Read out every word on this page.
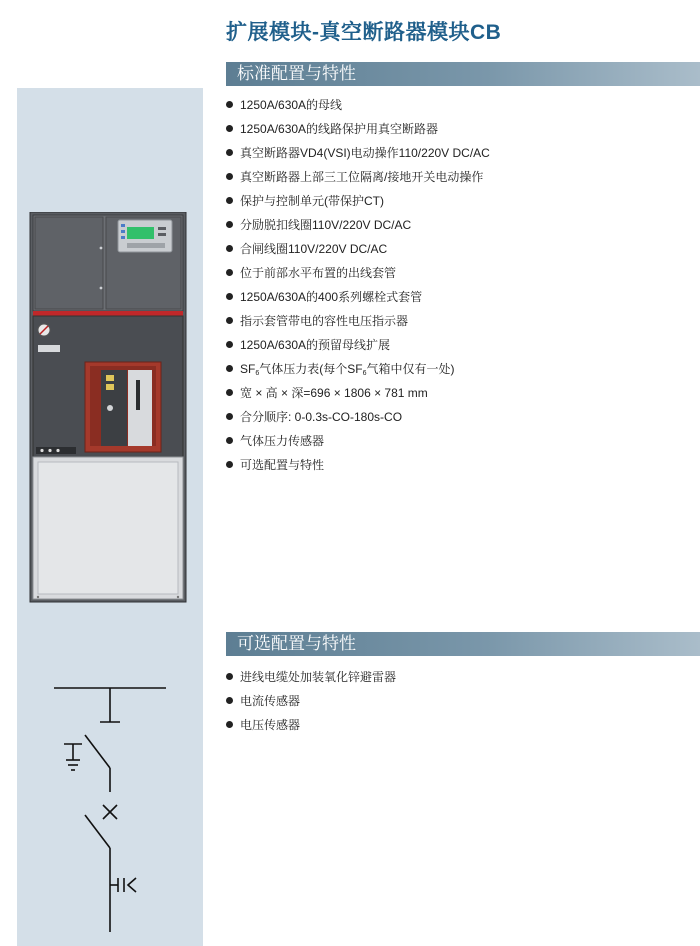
扩展模块-真空断路器模块CB
标准配置与特性
1250A/630A的母线
1250A/630A的线路保护用真空断路器
真空断路器VD4(VSI)电动操作110/220V DC/AC
真空断路器上部三工位隔离/接地开关电动操作
保护与控制单元(带保护CT)
分励脱扣线圈110V/220V DC/AC
合闸线圈110V/220V DC/AC
位于前部水平布置的出线套管
1250A/630A的400系列螺栓式套管
指示套管带电的容性电压指示器
1250A/630A的预留母线扩展
$SF_6$气体压力表(每个$SF_6$气箱中仅有一处)
宽 × 高 × 深=696 × 1806 × 781 mm
合分顺序: 0-0.3s-CO-180s-CO
气体压力传感器
可选配置与特性
可选配置与特性
进线电缆处加装氧化锌避雷器
电流传感器
电压传感器
